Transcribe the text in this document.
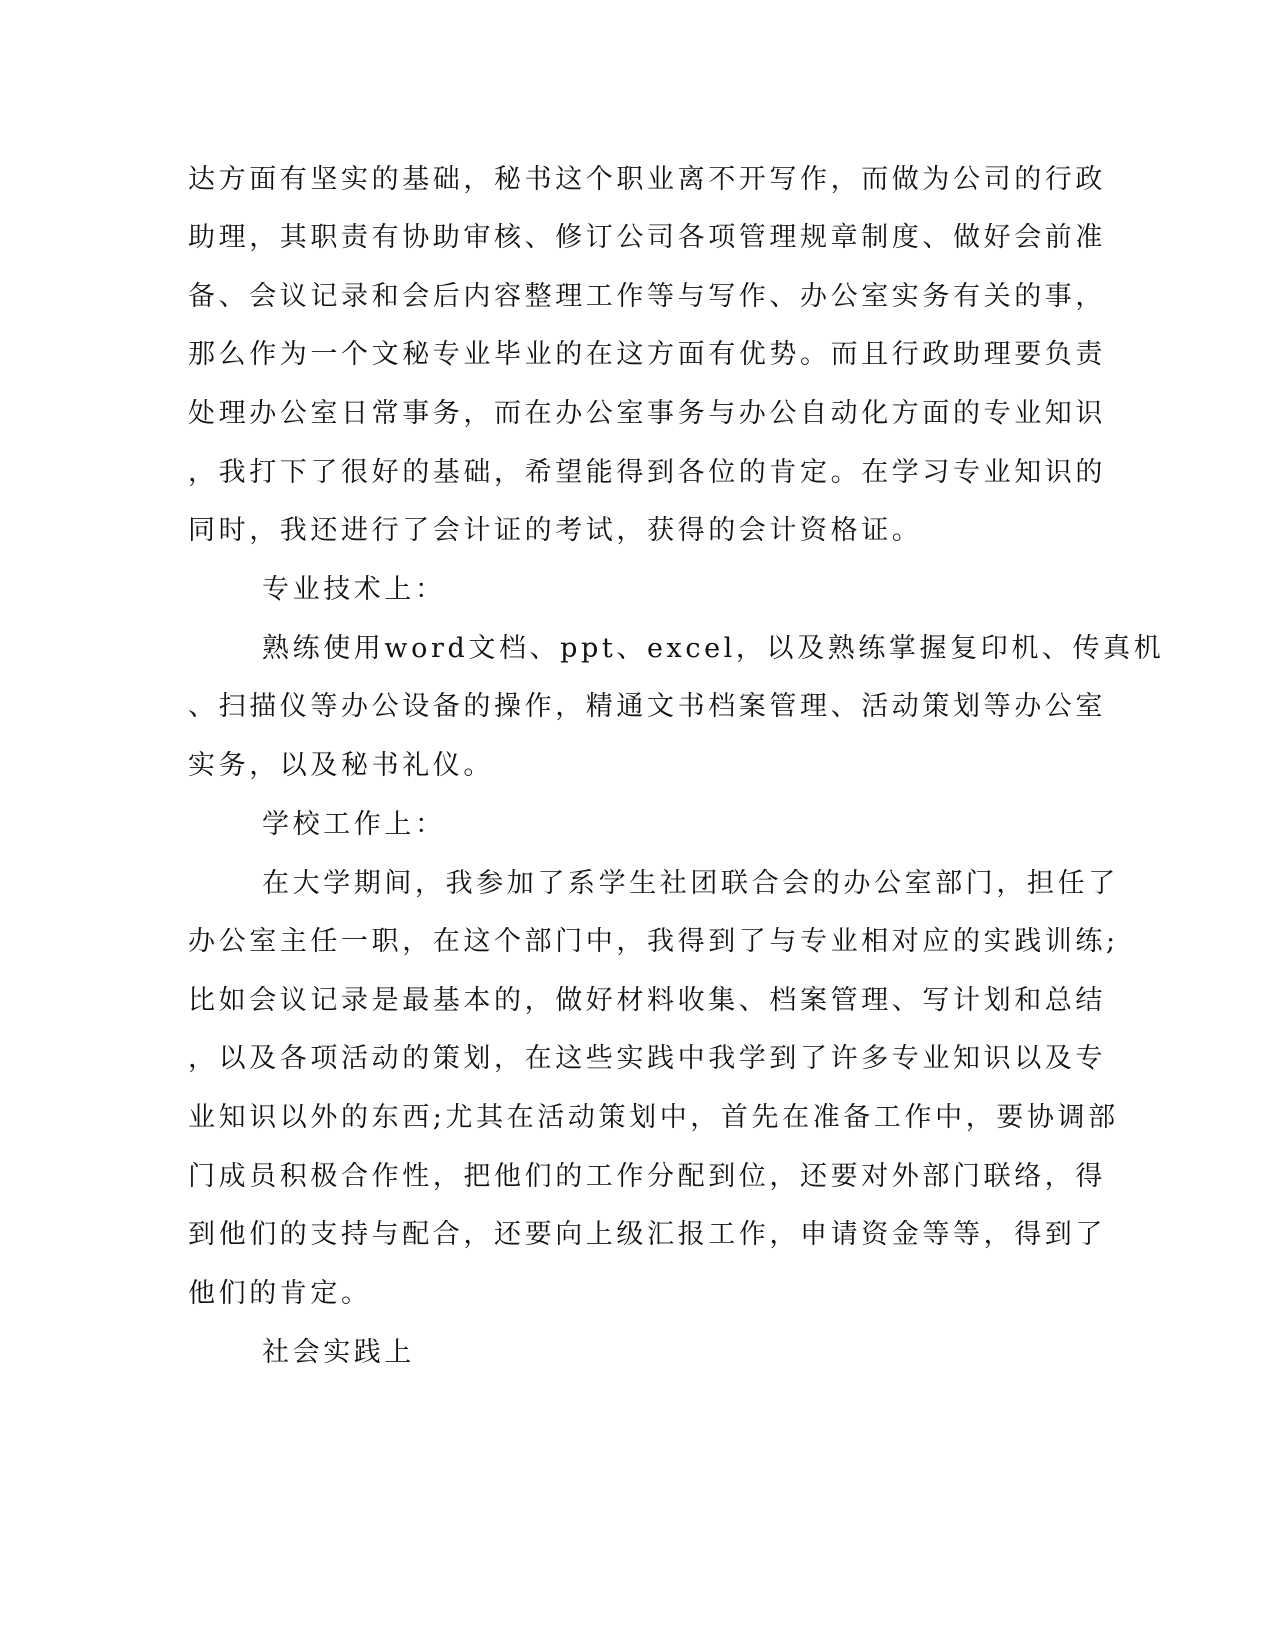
达方面有坚实的基础，秘书这个职业离不开写作，而做为公司的行政
助理，其职责有协助审核、修订公司各项管理规章制度、做好会前准
备、会议记录和会后内容整理工作等与写作、办公室实务有关的事，
那么作为一个文秘专业毕业的在这方面有优势。而且行政助理要负责
处理办公室日常事务，而在办公室事务与办公自动化方面的专业知识
，我打下了很好的基础，希望能得到各位的肯定。在学习专业知识的
同时，我还进行了会计证的考试，获得的会计资格证。
专业技术上：
熟练使用word文档、ppt、excel，以及熟练掌握复印机、传真机
、扫描仪等办公设备的操作，精通文书档案管理、活动策划等办公室
实务，以及秘书礼仪。
学校工作上：
在大学期间，我参加了系学生社团联合会的办公室部门，担任了
办公室主任一职，在这个部门中，我得到了与专业相对应的实践训练;
比如会议记录是最基本的，做好材料收集、档案管理、写计划和总结
，以及各项活动的策划，在这些实践中我学到了许多专业知识以及专
业知识以外的东西;尤其在活动策划中，首先在准备工作中，要协调部
门成员积极合作性，把他们的工作分配到位，还要对外部门联络，得
到他们的支持与配合，还要向上级汇报工作，申请资金等等，得到了
他们的肯定。
社会实践上
